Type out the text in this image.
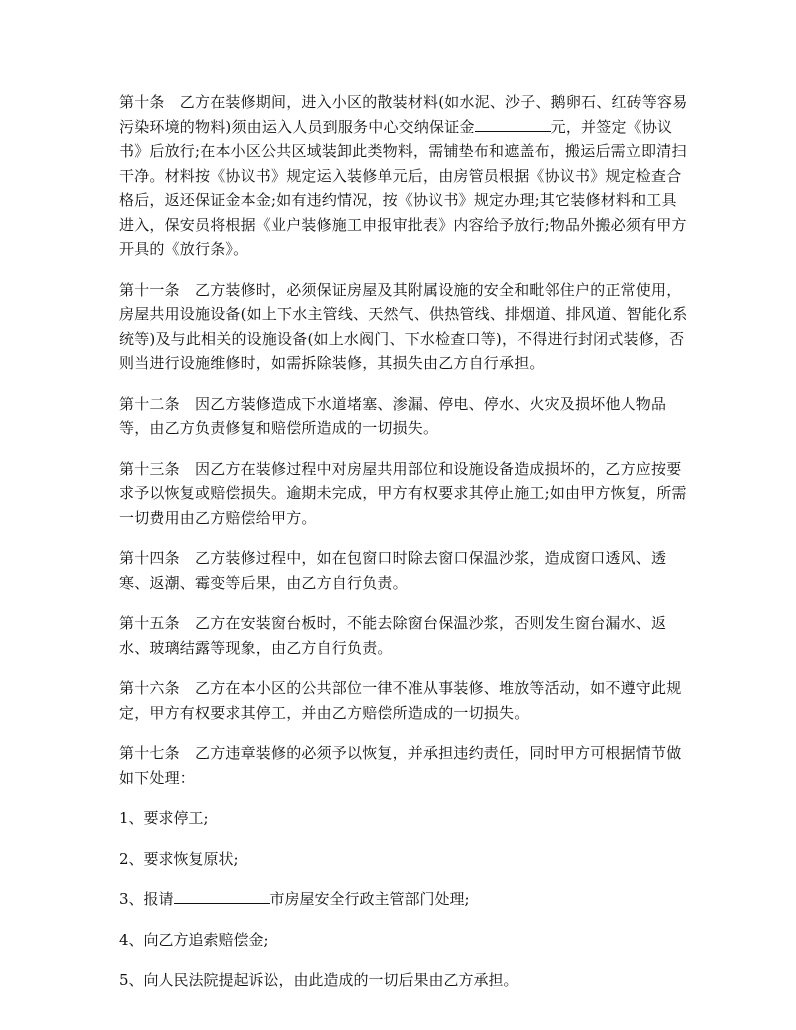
第十条　乙方在装修期间，进入小区的散装材料(如水泥、沙子、鹅卵石、红砖等容易污染环境的物料)须由运入人员到服务中心交纳保证金	元，并签定《协议书》后放行;在本小区公共区域装卸此类物料，需铺垫布和遮盖布，搬运后需立即清扫干净。材料按《协议书》规定运入装修单元后，由房管员根据《协议书》规定检查合格后，返还保证金本金;如有违约情况，按《协议书》规定办理;其它装修材料和工具进入，保安员将根据《业户装修施工申报审批表》内容给予放行;物品外搬必须有甲方开具的《放行条》。

第十一条　乙方装修时，必须保证房屋及其附属设施的安全和毗邻住户的正常使用，房屋共用设施设备(如上下水主管线、天然气、供热管线、排烟道、排风道、智能化系统等)及与此相关的设施设备(如上水阀门、下水检查口等)，不得进行封闭式装修，否则当进行设施维修时，如需拆除装修，其损失由乙方自行承担。

第十二条　因乙方装修造成下水道堵塞、渗漏、停电、停水、火灾及损坏他人物品等，由乙方负责修复和赔偿所造成的一切损失。

第十三条　因乙方在装修过程中对房屋共用部位和设施设备造成损坏的，乙方应按要求予以恢复或赔偿损失。逾期未完成，甲方有权要求其停止施工;如由甲方恢复，所需一切费用由乙方赔偿给甲方。

第十四条　乙方装修过程中，如在包窗口时除去窗口保温沙浆，造成窗口透风、透寒、返潮、霉变等后果，由乙方自行负责。

第十五条　乙方在安装窗台板时，不能去除窗台保温沙浆，否则发生窗台漏水、返水、玻璃结露等现象，由乙方自行负责。

第十六条　乙方在本小区的公共部位一律不准从事装修、堆放等活动，如不遵守此规定，甲方有权要求其停工，并由乙方赔偿所造成的一切损失。

第十七条　乙方违章装修的必须予以恢复，并承担违约责任，同时甲方可根据情节做如下处理：

1、要求停工;

2、要求恢复原状;

3、报请	市房屋安全行政主管部门处理;

4、向乙方追索赔偿金;

5、向人民法院提起诉讼，由此造成的一切后果由乙方承担。
